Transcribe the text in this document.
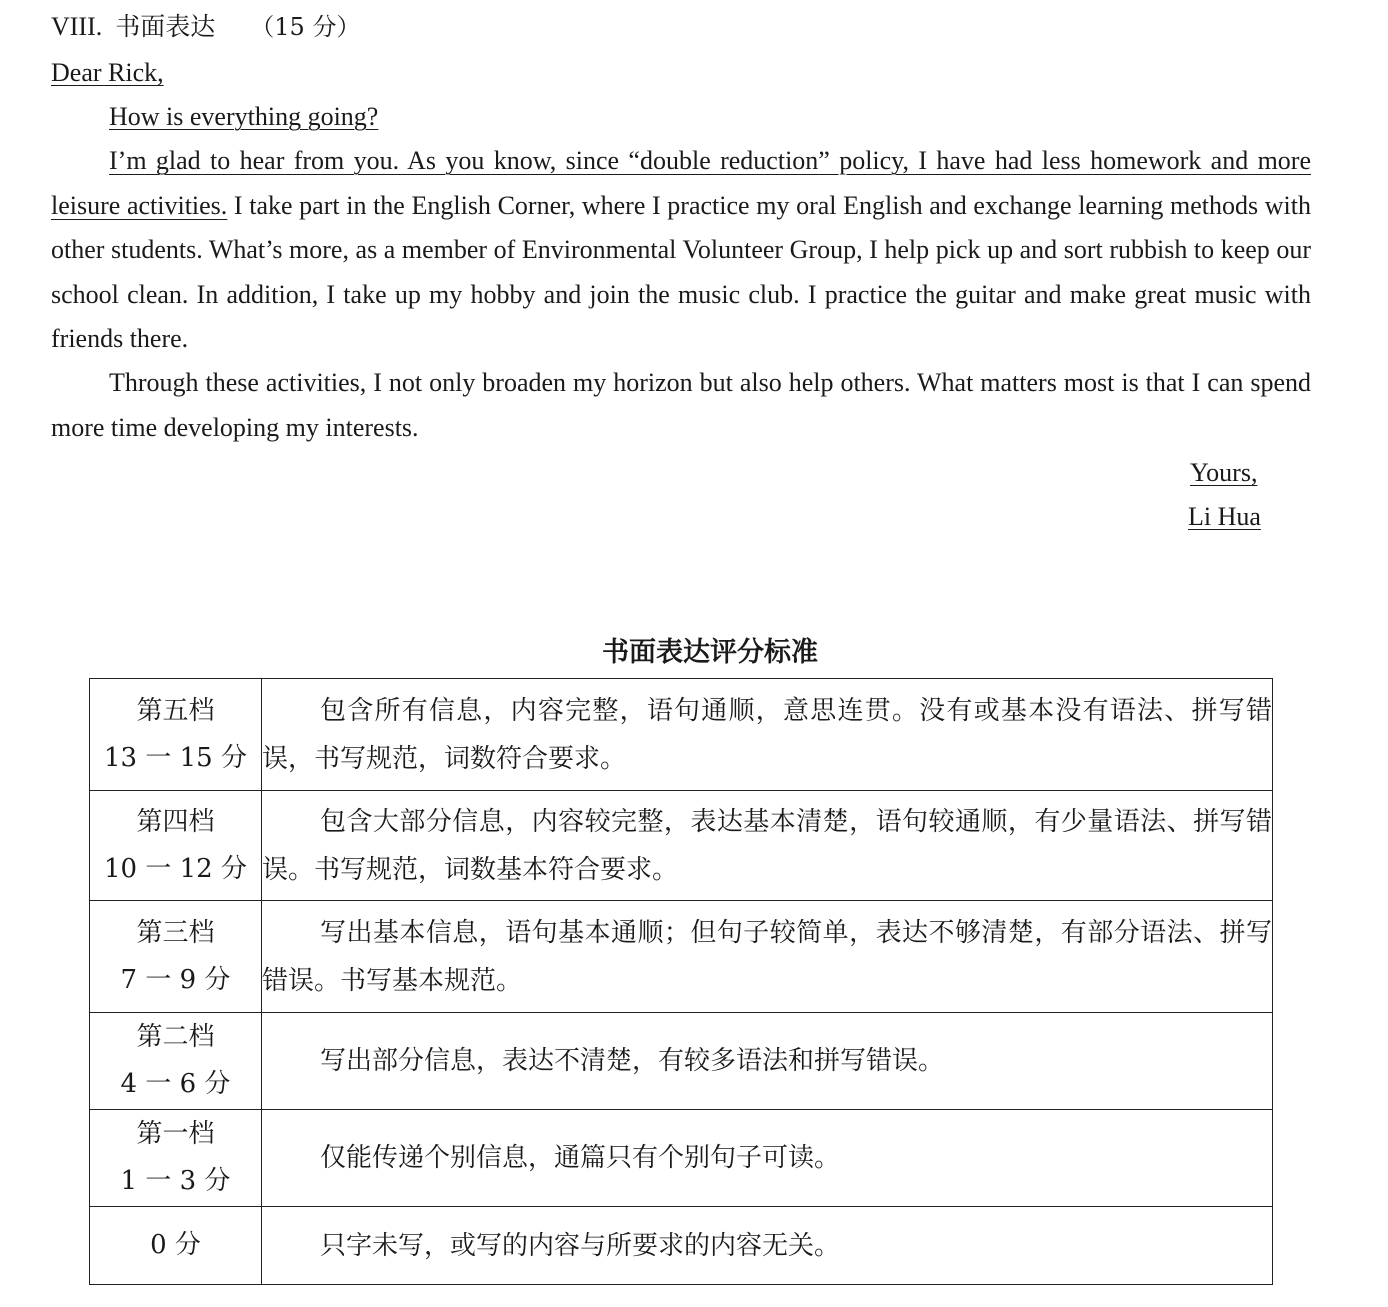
VIII. 书面表达 （15 分）
Dear Rick,
How is everything going?
I’m glad to hear from you. As you know, since “double reduction” policy, I have had less homework and more leisure activities. I take part in the English Corner, where I practice my oral English and exchange learning methods with other students. What’s more, as a member of Environmental Volunteer Group, I help pick up and sort rubbish to keep our school clean. In addition, I take up my hobby and join the music club. I practice the guitar and make great music with friends there.
Through these activities, I not only broaden my horizon but also help others. What matters most is that I can spend more time developing my interests.
Yours,
Li Hua
书面表达评分标准
第五档
13 一 15 分	包含所有信息，内容完整，语句通顺，意思连贯。没有或基本没有语法、拼写错误，书写规范，词数符合要求。

第四档
10 一 12 分	包含大部分信息，内容较完整，表达基本清楚，语句较通顺，有少量语法、拼写错误。书写规范，词数基本符合要求。

第三档
7 一 9 分	写出基本信息，语句基本通顺；但句子较简单，表达不够清楚，有部分语法、拼写错误。书写基本规范。

第二档
4 一 6 分	写出部分信息，表达不清楚，有较多语法和拼写错误。

第一档
1 一 3 分	仅能传递个别信息，通篇只有个别句子可读。

0 分	只字未写，或写的内容与所要求的内容无关。
